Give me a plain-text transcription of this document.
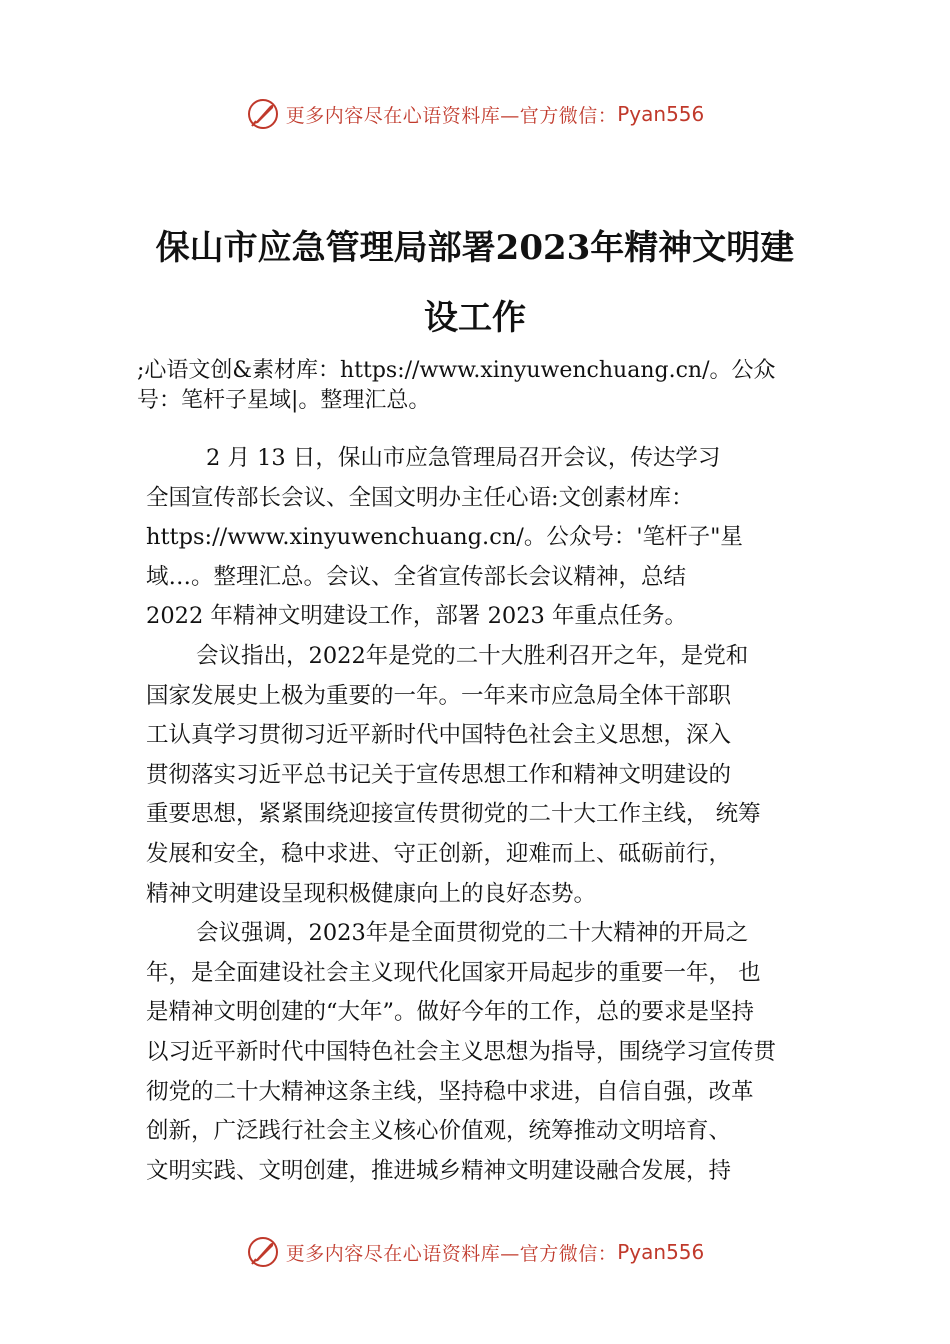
更多内容尽在心语资料库—官方微信： Pyan556
保山市应急管理局部署2023年精神文明建
设工作
;心语文创&素材库：https://www.xinyuwenchuang.cn/。公众
号：笔杆子星域|。整理汇总。
2 月 13 日，保山市应急管理局召开会议，传达学习
全国宣传部长会议、全国文明办主任心语:文创素材库：
https://www.xinyuwenchuang.cn/。公众号：'笔杆子"星
域…。整理汇总。会议、全省宣传部长会议精神，总结
2022 年精神文明建设工作，部署 2023 年重点任务。
会议指出，2022年是党的二十大胜利召开之年，是党和
国家发展史上极为重要的一年。一年来市应急局全体干部职
工认真学习贯彻习近平新时代中国特色社会主义思想，深入
贯彻落实习近平总书记关于宣传思想工作和精神文明建设的
重要思想，紧紧围绕迎接宣传贯彻党的二十大工作主线， 统筹
发展和安全，稳中求进、守正创新，迎难而上、砥砺前行，
精神文明建设呈现积极健康向上的良好态势。
会议强调，2023年是全面贯彻党的二十大精神的开局之
年，是全面建设社会主义现代化国家开局起步的重要一年， 也
是精神文明创建的“大年”。做好今年的工作，总的要求是坚持
以习近平新时代中国特色社会主义思想为指导，围绕学习宣传贯
彻党的二十大精神这条主线，坚持稳中求进，自信自强，改革
创新，广泛践行社会主义核心价值观，统筹推动文明培育、
文明实践、文明创建，推进城乡精神文明建设融合发展，持
更多内容尽在心语资料库—官方微信： Pyan556
